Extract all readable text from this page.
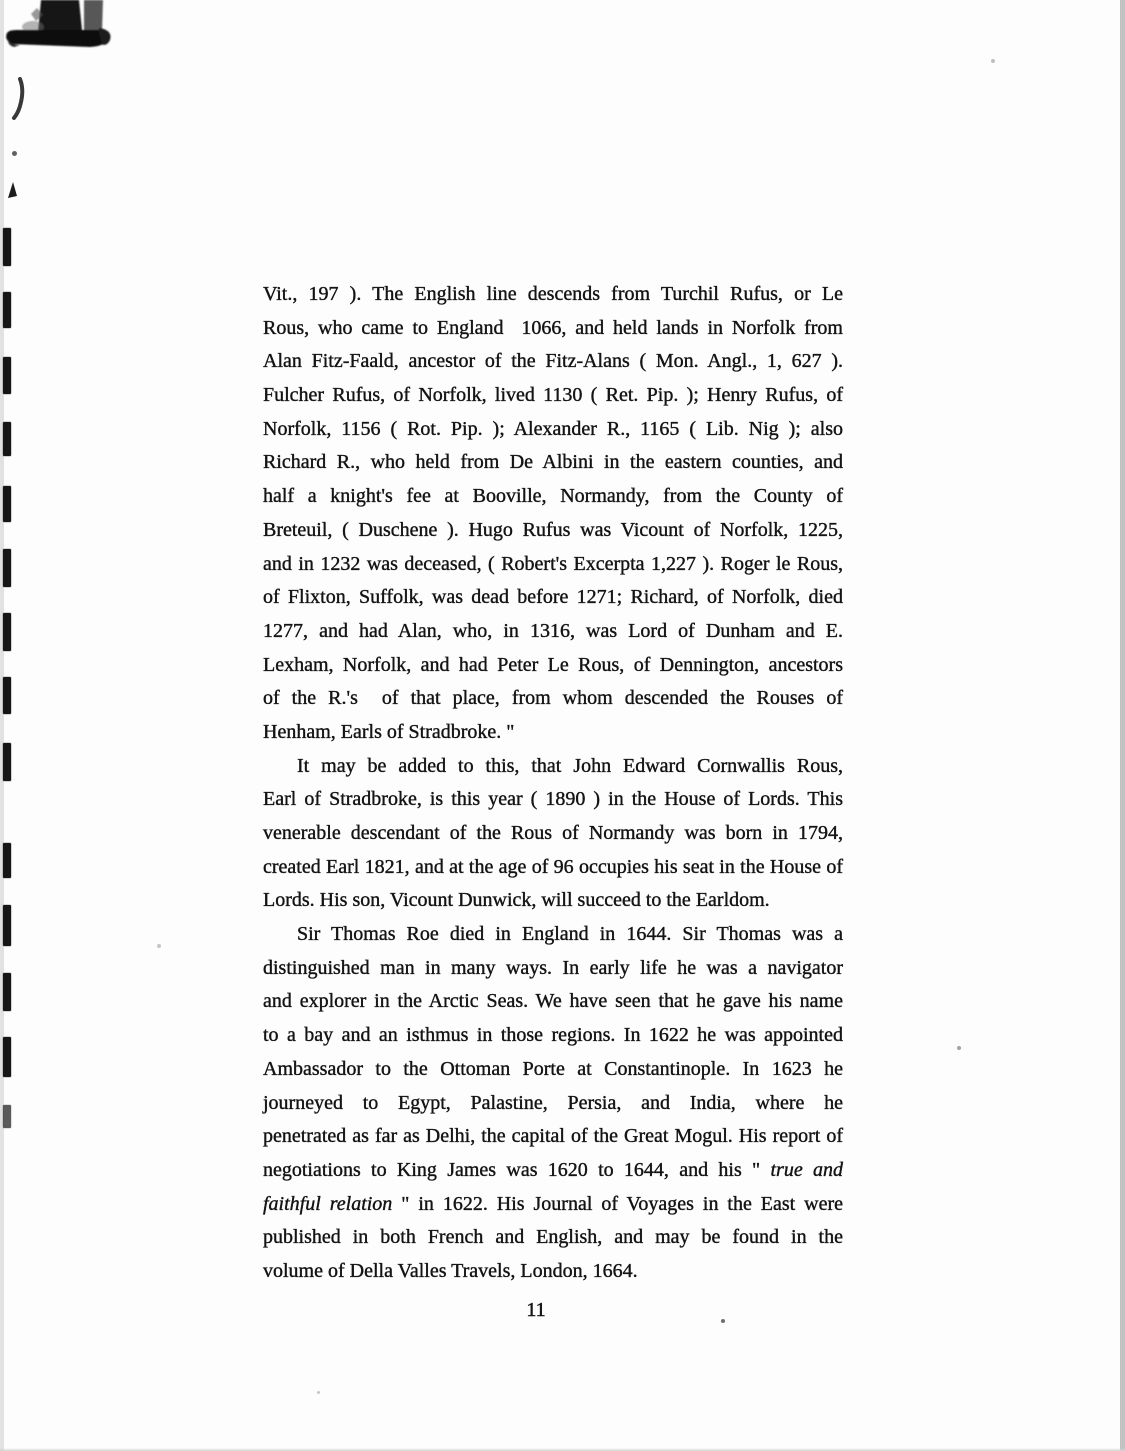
Vit., 197 ). The English line descends from Turchil Rufus, or Le
Rous, who came to England  1066, and held lands in Norfolk from
Alan Fitz-Faald, ancestor of the Fitz-Alans ( Mon. Angl., 1, 627 ).
Fulcher Rufus, of Norfolk, lived 1130 ( Ret. Pip. ); Henry Rufus, of
Norfolk, 1156 ( Rot. Pip. ); Alexander R., 1165 ( Lib. Nig ); also
Richard R., who held from De Albini in the eastern counties, and
half a knight's fee at Booville, Normandy, from the County of
Breteuil, ( Duschene ). Hugo Rufus was Vicount of Norfolk, 1225,
and in 1232 was deceased, ( Robert's Excerpta 1,227 ). Roger le Rous,
of Flixton, Suffolk, was dead before 1271; Richard, of Norfolk, died
1277, and had Alan, who, in 1316, was Lord of Dunham and E.
Lexham, Norfolk, and had Peter Le Rous, of Dennington, ancestors
of the R.'s  of that place, from whom descended the Rouses of
Henham, Earls of Stradbroke. "
It may be added to this, that John Edward Cornwallis Rous,
Earl of Stradbroke, is this year ( 1890 ) in the House of Lords. This
venerable descendant of the Rous of Normandy was born in 1794,
created Earl 1821, and at the age of 96 occupies his seat in the House of
Lords. His son, Vicount Dunwick, will succeed to the Earldom.
Sir Thomas Roe died in England in 1644. Sir Thomas was a
distinguished man in many ways. In early life he was a navigator
and explorer in the Arctic Seas. We have seen that he gave his name
to a bay and an isthmus in those regions. In 1622 he was appointed
Ambassador to the Ottoman Porte at Constantinople. In 1623 he
journeyed to Egypt, Palastine, Persia, and India, where he
penetrated as far as Delhi, the capital of the Great Mogul. His report of
negotiations to King James was 1620 to 1644, and his " true and
faithful relation " in 1622. His Journal of Voyages in the East were
published in both French and English, and may be found in the
volume of Della Valles Travels, London, 1664.
11
